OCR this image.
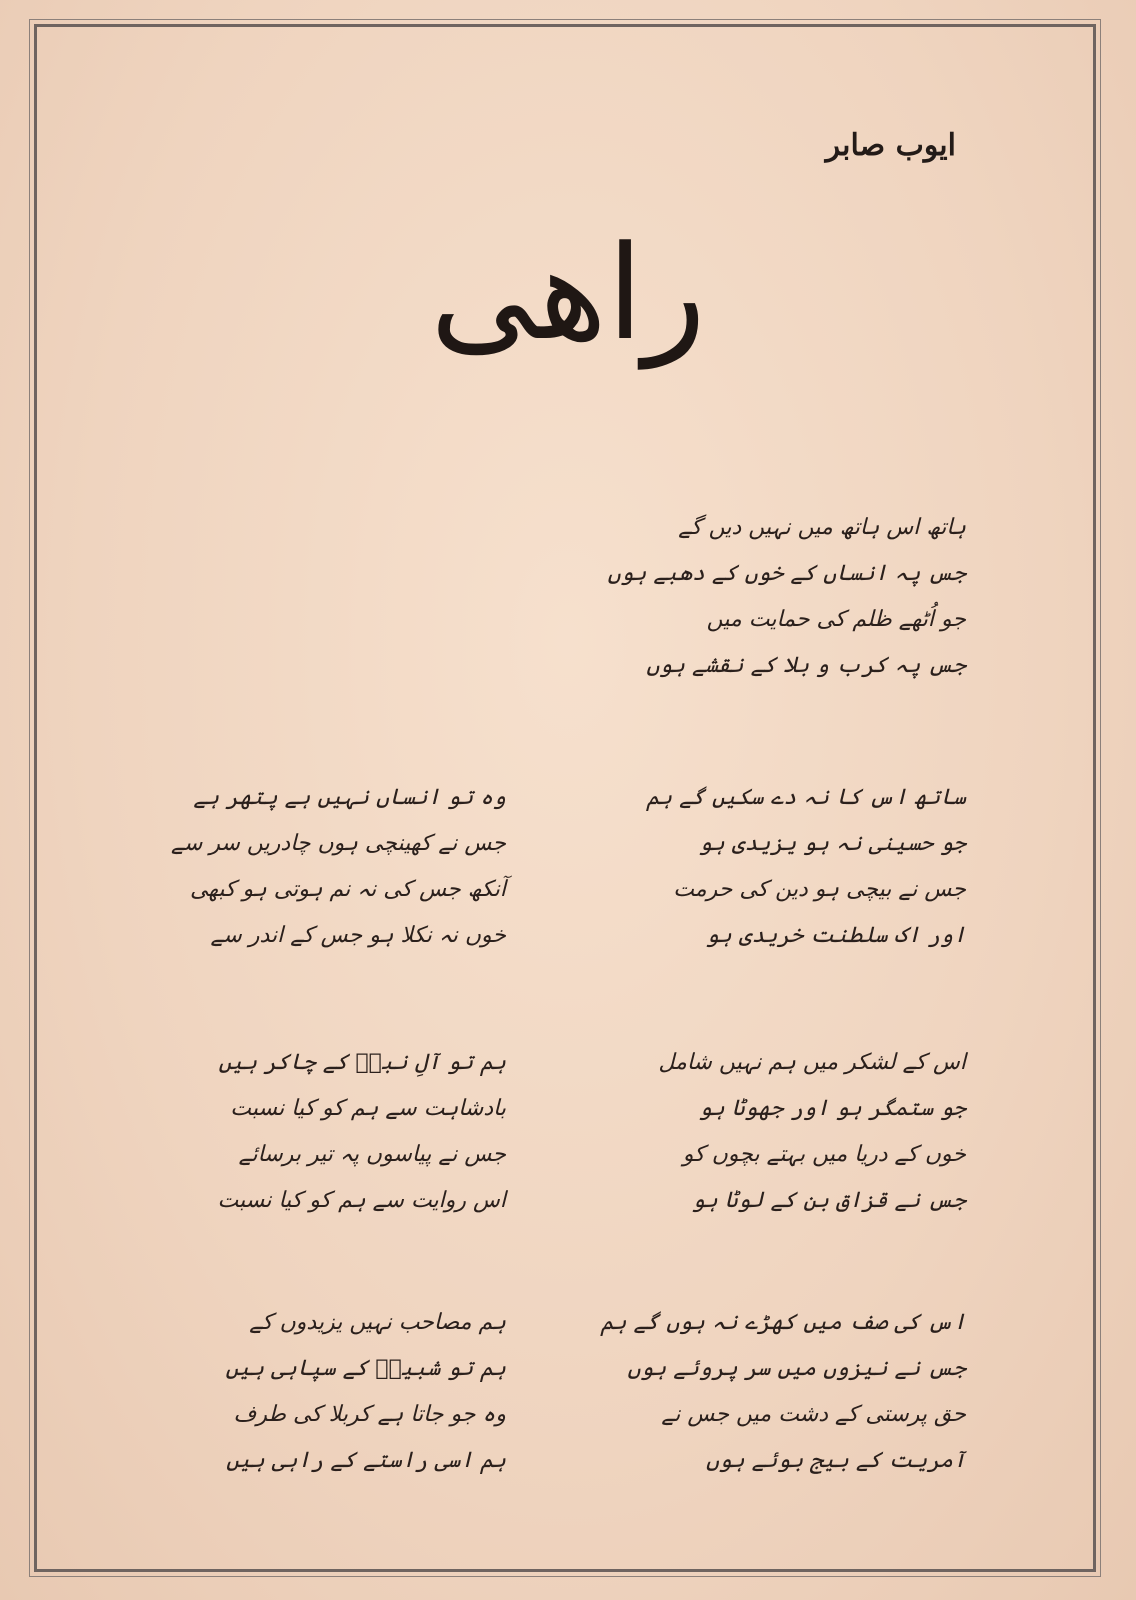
ایوب صابر
راهی
ہاتھ اس ہاتھ میں نہیں دیں گے
جس پہ انساں کے خوں کے دھبے ہوں
جو اُٹھے ظلم کی حمایت میں
جس پہ کرب و بلا کے نقشے ہوں
ساتھ اس کا نہ دے سکیں گے ہم
جو حسینی نہ ہو یزیدی ہو
جس نے بیچی ہو دین کی حرمت
اور اک سلطنت خریدی ہو
وہ تو انساں نہیں ہے پتھر ہے
جس نے کھینچی ہوں چادریں سر سے
آنکھ جس کی نہ نم ہوتی ہو کبھی
خوں نہ نکلا ہو جس کے اندر سے
اس کے لشکر میں ہم نہیں شامل
جو ستمگر ہو اور جھوٹا ہو
خوں کے دریا میں بہتے بچوں کو
جس نے قزاق بن کے لوٹا ہو
ہم تو آلِ نبیؐ کے چاکر ہیں
بادشاہت سے ہم کو کیا نسبت
جس نے پیاسوں پہ تیر برسائے
اس روایت سے ہم کو کیا نسبت
اس کی صف میں کھڑے نہ ہوں گے ہم
جس نے نیزوں میں سر پروئے ہوں
حق پرستی کے دشت میں جس نے
آمریت کے بیج بوئے ہوں
ہم مصاحب نہیں یزیدوں کے
ہم تو شبیرؑ کے سپاہی ہیں
وہ جو جاتا ہے کربلا کی طرف
ہم اسی راستے کے راہی ہیں
